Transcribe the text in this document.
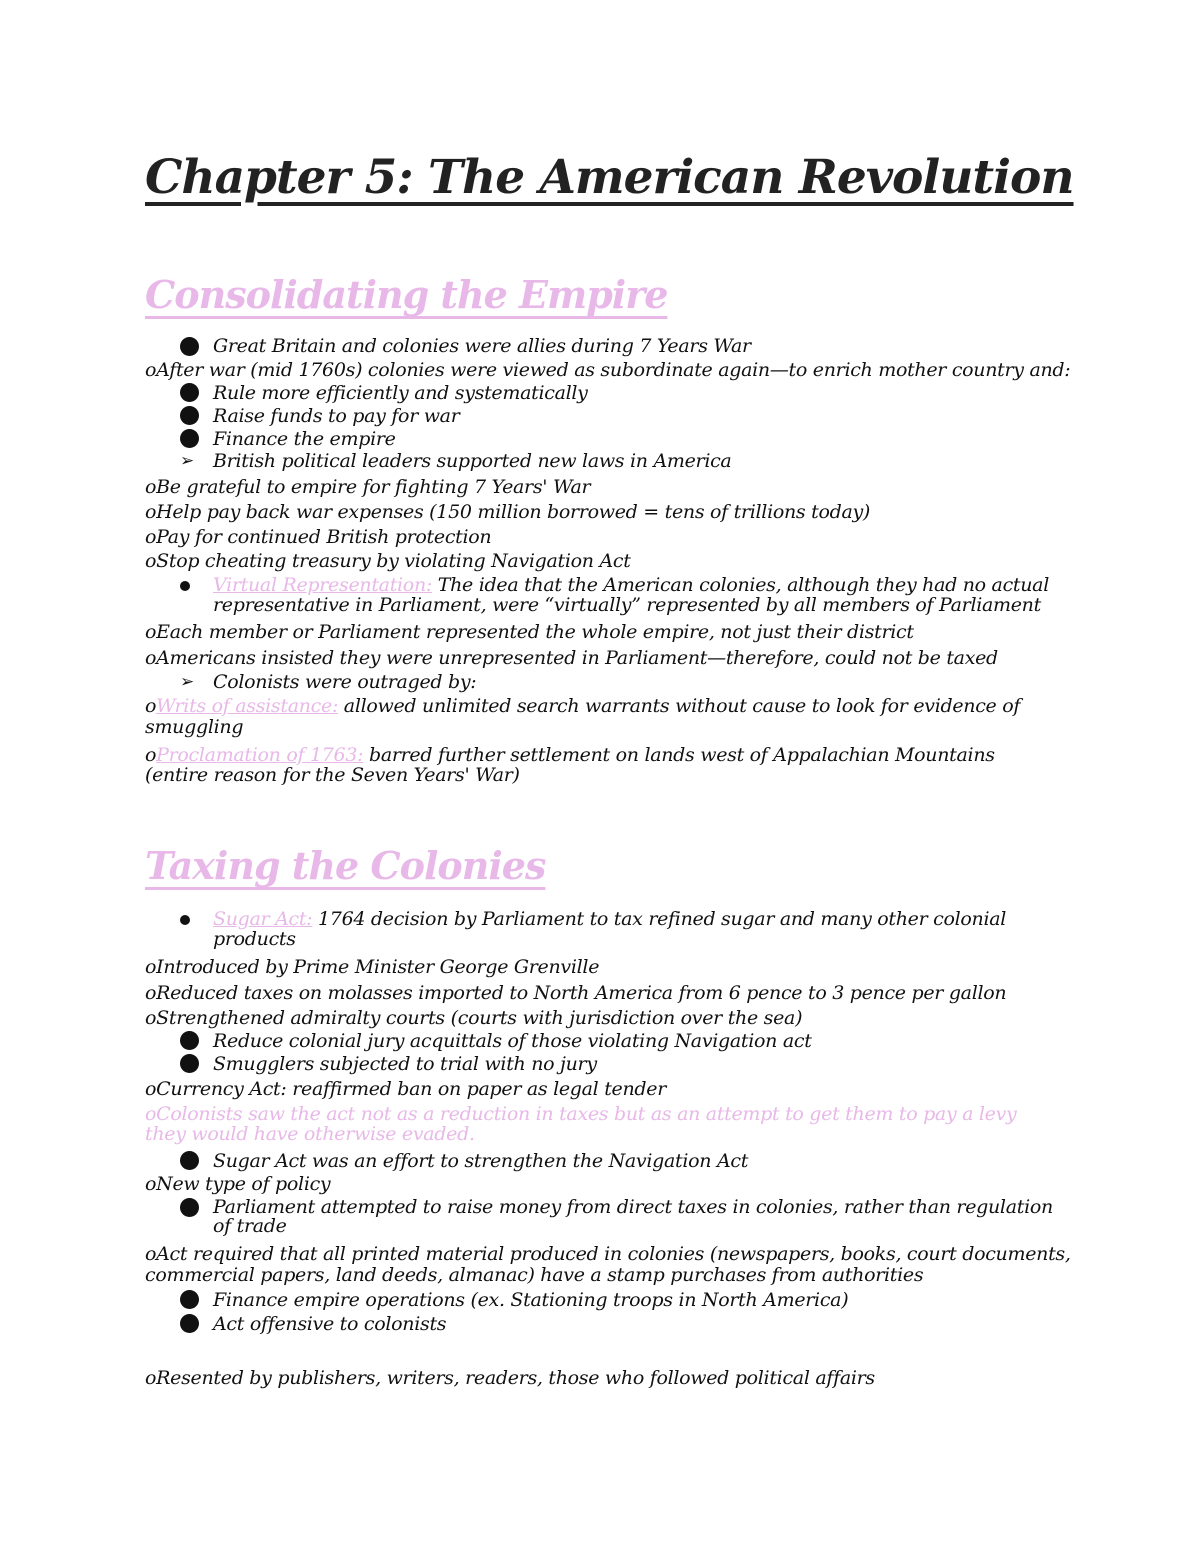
Chapter 5: The American Revolution
Consolidating the Empire

Great Britain and colonies were allies during 7 Years War

oAfter war (mid 1760s) colonies were viewed as subordinate again—to enrich mother country and:

Rule more efficiently and systematically

Raise funds to pay for war

Finance the empire

➢ British political leaders supported new laws in America

oBe grateful to empire for fighting 7 Years' War

oHelp pay back war expenses (150 million borrowed = tens of trillions today)

oPay for continued British protection

oStop cheating treasury by violating Navigation Act

Virtual Representation: The idea that the American colonies, although they had no actual

representative in Parliament, were “virtually” represented by all members of Parliament

oEach member or Parliament represented the whole empire, not just their district

oAmericans insisted they were unrepresented in Parliament—therefore, could not be taxed

➢ Colonists were outraged by:

oWrits of assistance: allowed unlimited search warrants without cause to look for evidence of

smuggling

oProclamation of 1763: barred further settlement on lands west of Appalachian Mountains

(entire reason for the Seven Years' War)

Taxing the Colonies

Sugar Act: 1764 decision by Parliament to tax refined sugar and many other colonial

products

oIntroduced by Prime Minister George Grenville

oReduced taxes on molasses imported to North America from 6 pence to 3 pence per gallon

oStrengthened admiralty courts (courts with jurisdiction over the sea)

Reduce colonial jury acquittals of those violating Navigation act

Smugglers subjected to trial with no jury

oCurrency Act: reaffirmed ban on paper as legal tender

oColonists saw the act not as a reduction in taxes but as an attempt to get them to pay a levy

they would have otherwise evaded.

Sugar Act was an effort to strengthen the Navigation Act

oNew type of policy

Parliament attempted to raise money from direct taxes in colonies, rather than regulation

of trade

oAct required that all printed material produced in colonies (newspapers, books, court documents,

commercial papers, land deeds, almanac) have a stamp purchases from authorities

Finance empire operations (ex. Stationing troops in North America)

Act offensive to colonists

oResented by publishers, writers, readers, those who followed political affairs
